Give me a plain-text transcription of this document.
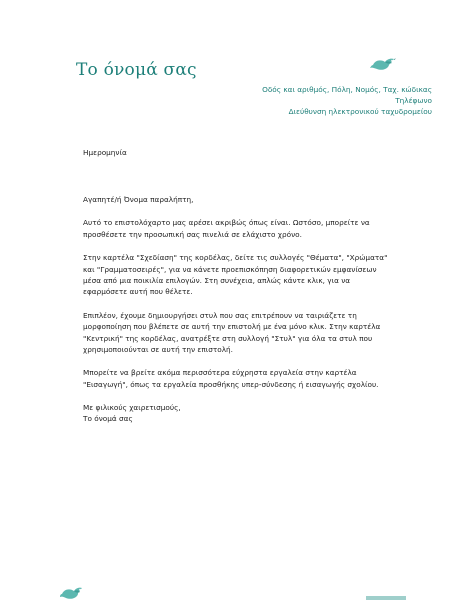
Το όνομά σας
Οδός και αριθμός, Πόλη, Νομός, Ταχ. κώδικας
Τηλέφωνο
Διεύθυνση ηλεκτρονικού ταχυδρομείου
Ημερομηνία
Αγαπητέ/ή Όνομα παραλήπτη,
Αυτό το επιστολόχαρτο μας αρέσει ακριβώς όπως είναι. Ωστόσο, μπορείτε να
προσθέσετε την προσωπική σας πινελιά σε ελάχιστο χρόνο.
Στην καρτέλα "Σχεδίαση" της κορδέλας, δείτε τις συλλογές "Θέματα", "Χρώματα"
και "Γραμματοσειρές", για να κάνετε προεπισκόπηση διαφορετικών εμφανίσεων
μέσα από μια ποικιλία επιλογών. Στη συνέχεια, απλώς κάντε κλικ, για να
εφαρμόσετε αυτή που θέλετε.
Επιπλέον, έχουμε δημιουργήσει στυλ που σας επιτρέπουν να ταιριάζετε τη
μορφοποίηση που βλέπετε σε αυτή την επιστολή με ένα μόνο κλικ. Στην καρτέλα
"Κεντρική" της κορδέλας, ανατρέξτε στη συλλογή "Στυλ" για όλα τα στυλ που
χρησιμοποιούνται σε αυτή την επιστολή.
Μπορείτε να βρείτε ακόμα περισσότερα εύχρηστα εργαλεία στην καρτέλα
"Εισαγωγή", όπως τα εργαλεία προσθήκης υπερ-σύνδεσης ή εισαγωγής σχολίου.
Με φιλικούς χαιρετισμούς,
Το όνομά σας
